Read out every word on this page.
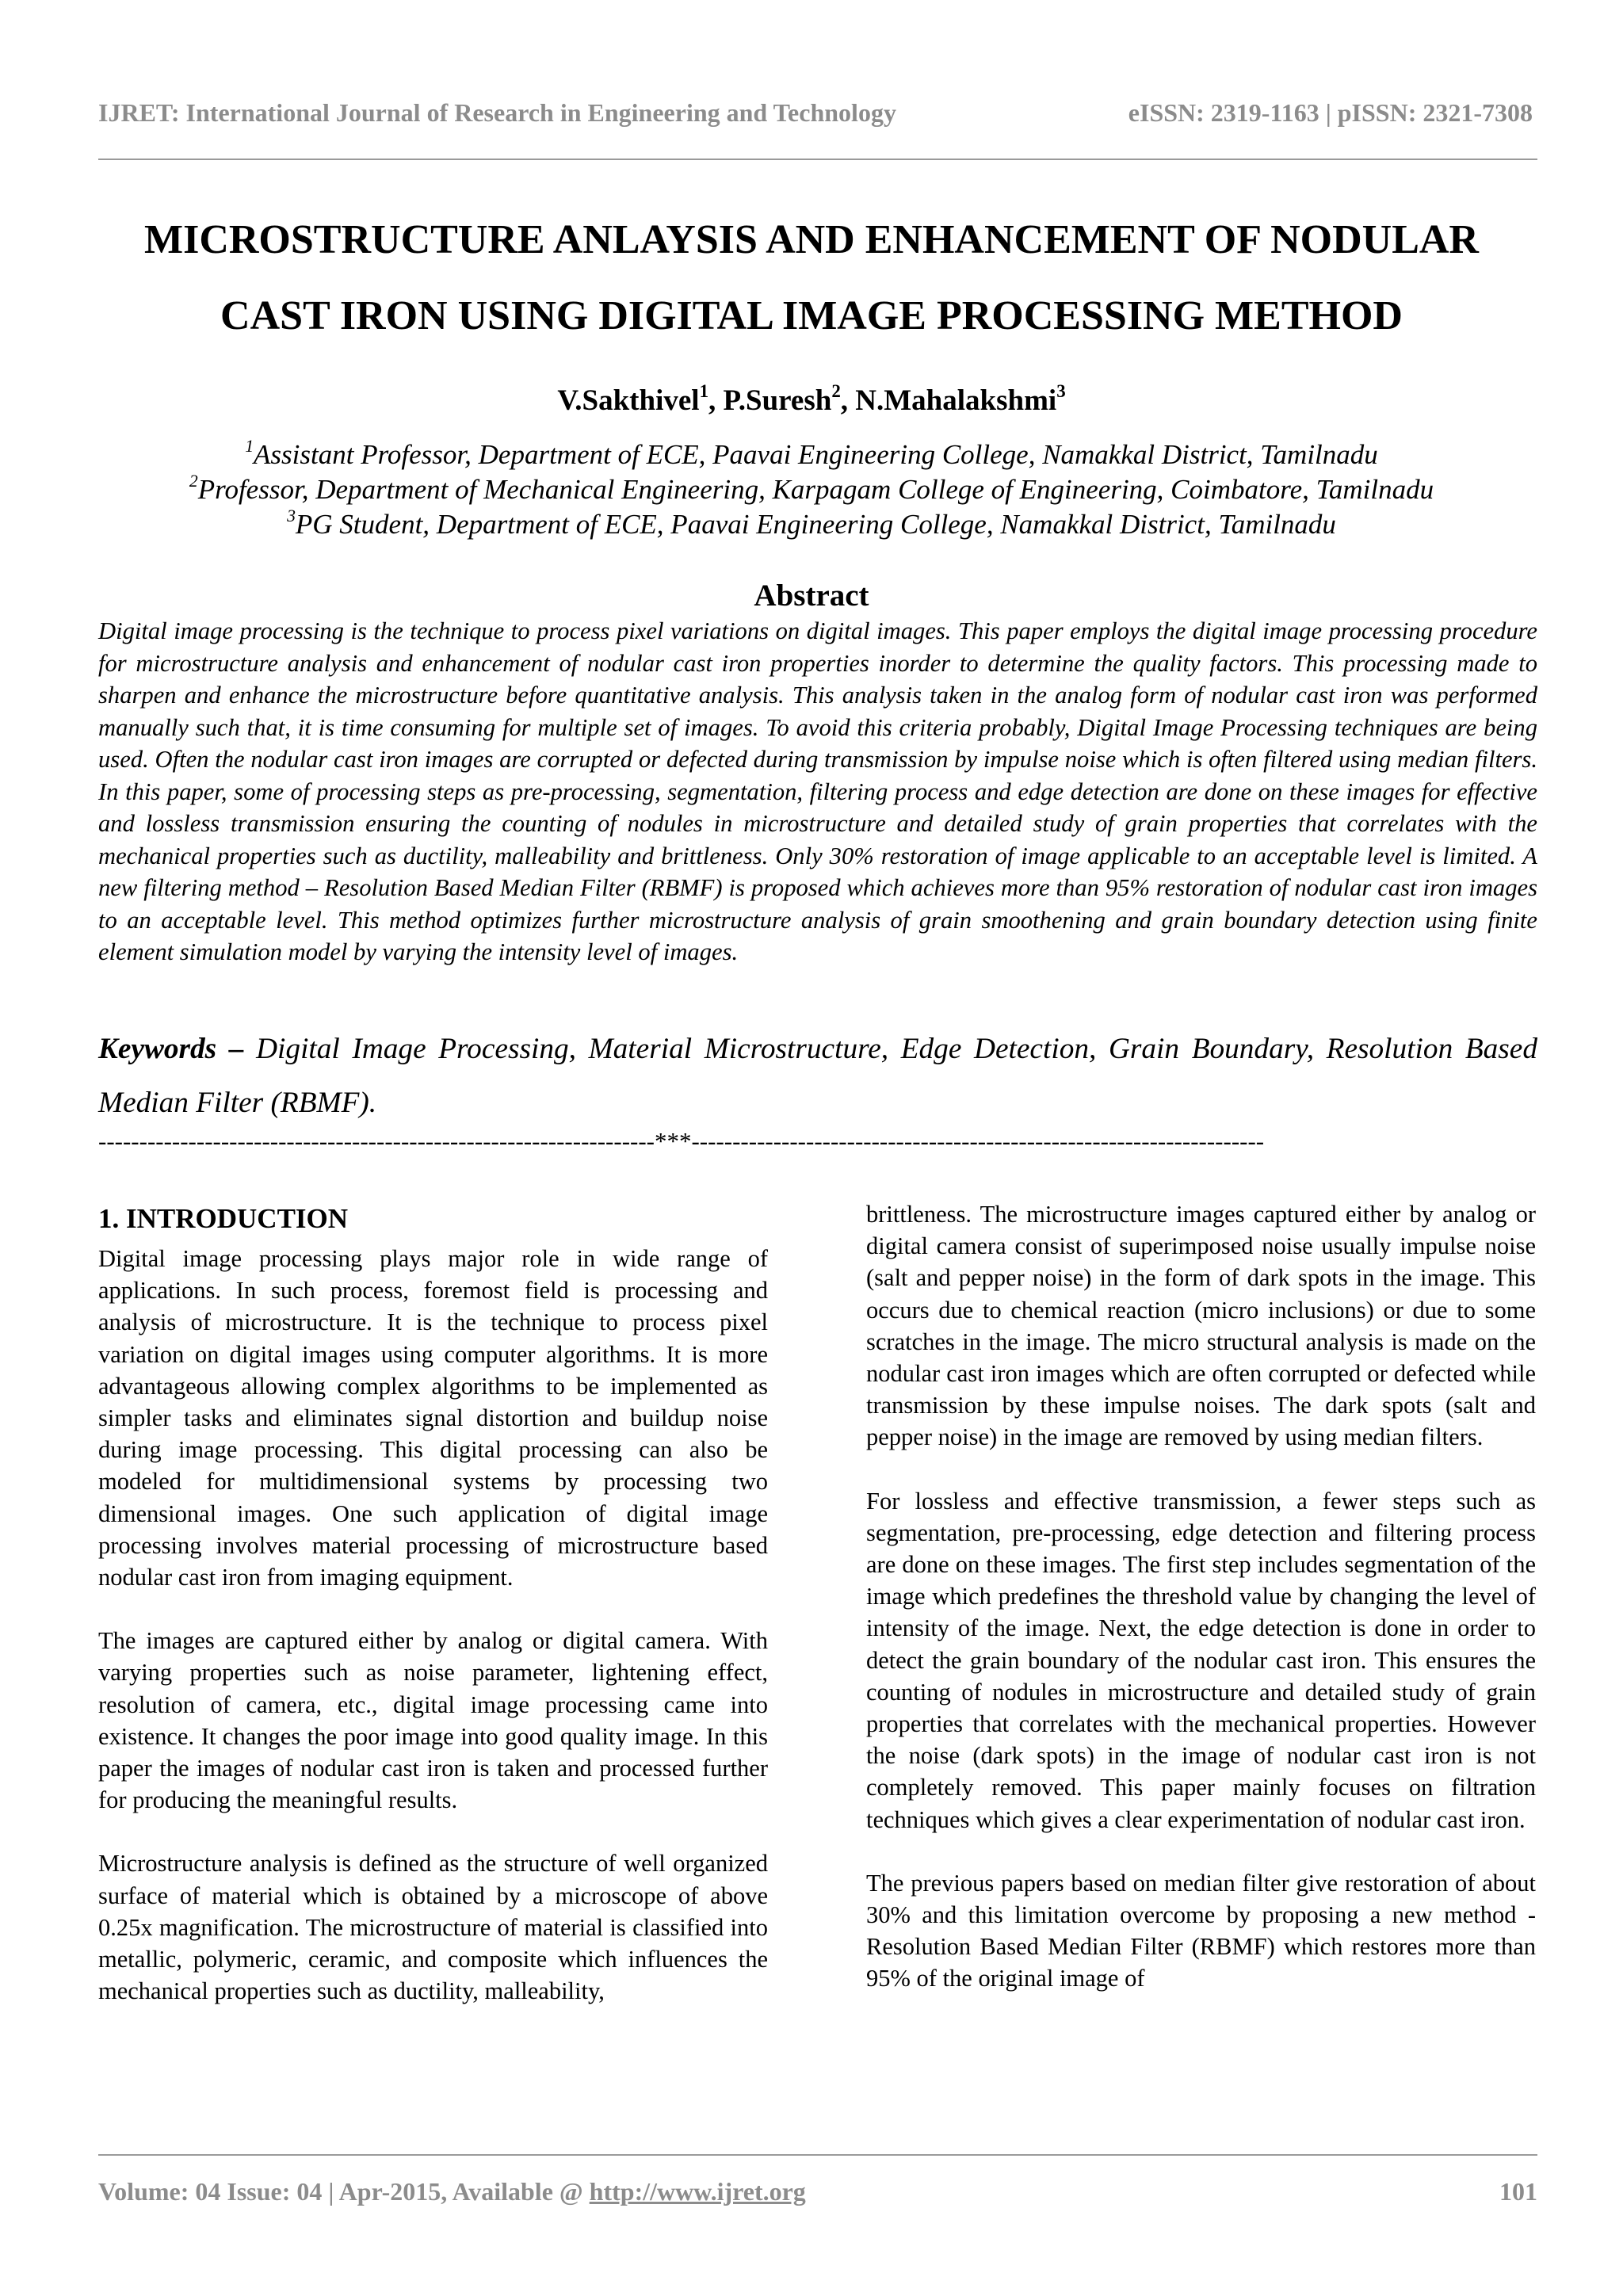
IJRET: International Journal of Research in Engineering and Technology	eISSN: 2319-1163 | pISSN: 2321-7308
MICROSTRUCTURE ANLAYSIS AND ENHANCEMENT OF NODULAR
CAST IRON USING DIGITAL IMAGE PROCESSING METHOD
V.Sakthivel$^1$, P.Suresh$^2$, N.Mahalakshmi$^3$
$^1$Assistant Professor, Department of ECE, Paavai Engineering College, Namakkal District, Tamilnadu
$^2$Professor, Department of Mechanical Engineering, Karpagam College of Engineering, Coimbatore, Tamilnadu
$^3$PG Student, Department of ECE, Paavai Engineering College, Namakkal District, Tamilnadu
Abstract
Digital image processing is the technique to process pixel variations on digital images. This paper employs the digital image processing procedure for microstructure analysis and enhancement of nodular cast iron properties inorder to determine the quality factors. This processing made to sharpen and enhance the microstructure before quantitative analysis. This analysis taken in the analog form of nodular cast iron was performed manually such that, it is time consuming for multiple set of images. To avoid this criteria probably, Digital Image Processing techniques are being used. Often the nodular cast iron images are corrupted or defected during transmission by impulse noise which is often filtered using median filters. In this paper, some of processing steps as pre-processing, segmentation, filtering process and edge detection are done on these images for effective and lossless transmission ensuring the counting of nodules in microstructure and detailed study of grain properties that correlates with the mechanical properties such as ductility, malleability and brittleness. Only 30% restoration of image applicable to an acceptable level is limited. A new filtering method – Resolution Based Median Filter (RBMF) is proposed which achieves more than 95% restoration of nodular cast iron images to an acceptable level. This method optimizes further microstructure analysis of grain smoothening and grain boundary detection using finite element simulation model by varying the intensity level of images.
Keywords – Digital Image Processing, Material Microstructure, Edge Detection, Grain Boundary, Resolution Based Median Filter (RBMF).
--------------------------------------------------------------------***----------------------------------------------------------------------
1. INTRODUCTION

Digital image processing plays major role in wide range of applications. In such process, foremost field is processing and analysis of microstructure. It is the technique to process pixel variation on digital images using computer algorithms. It is more advantageous allowing complex algorithms to be implemented as simpler tasks and eliminates signal distortion and buildup noise during image processing. This digital processing can also be modeled for multidimensional systems by processing two dimensional images. One such application of digital image processing involves material processing of microstructure based nodular cast iron from imaging equipment.

The images are captured either by analog or digital camera. With varying properties such as noise parameter, lightening effect, resolution of camera, etc., digital image processing came into existence. It changes the poor image into good quality image. In this paper the images of nodular cast iron is taken and processed further for producing the meaningful results.

Microstructure analysis is defined as the structure of well organized surface of material which is obtained by a microscope of above 0.25x magnification. The microstructure of material is classified into metallic, polymeric, ceramic, and composite which influences the mechanical properties such as ductility, malleability,

brittleness. The microstructure images captured either by analog or digital camera consist of superimposed noise usually impulse noise (salt and pepper noise) in the form of dark spots in the image. This occurs due to chemical reaction (micro inclusions) or due to some scratches in the image. The micro structural analysis is made on the nodular cast iron images which are often corrupted or defected while transmission by these impulse noises. The dark spots (salt and pepper noise) in the image are removed by using median filters.

For lossless and effective transmission, a fewer steps such as segmentation, pre-processing, edge detection and filtering process are done on these images. The first step includes segmentation of the image which predefines the threshold value by changing the level of intensity of the image. Next, the edge detection is done in order to detect the grain boundary of the nodular cast iron. This ensures the counting of nodules in microstructure and detailed study of grain properties that correlates with the mechanical properties. However the noise (dark spots) in the image of nodular cast iron is not completely removed. This paper mainly focuses on filtration techniques which gives a clear experimentation of nodular cast iron.

The previous papers based on median filter give restoration of about 30% and this limitation overcome by proposing a new method - Resolution Based Median Filter (RBMF) which restores more than 95% of the original image of

Volume: 04 Issue: 04 | Apr-2015, Available @ http://www.ijret.org	101
